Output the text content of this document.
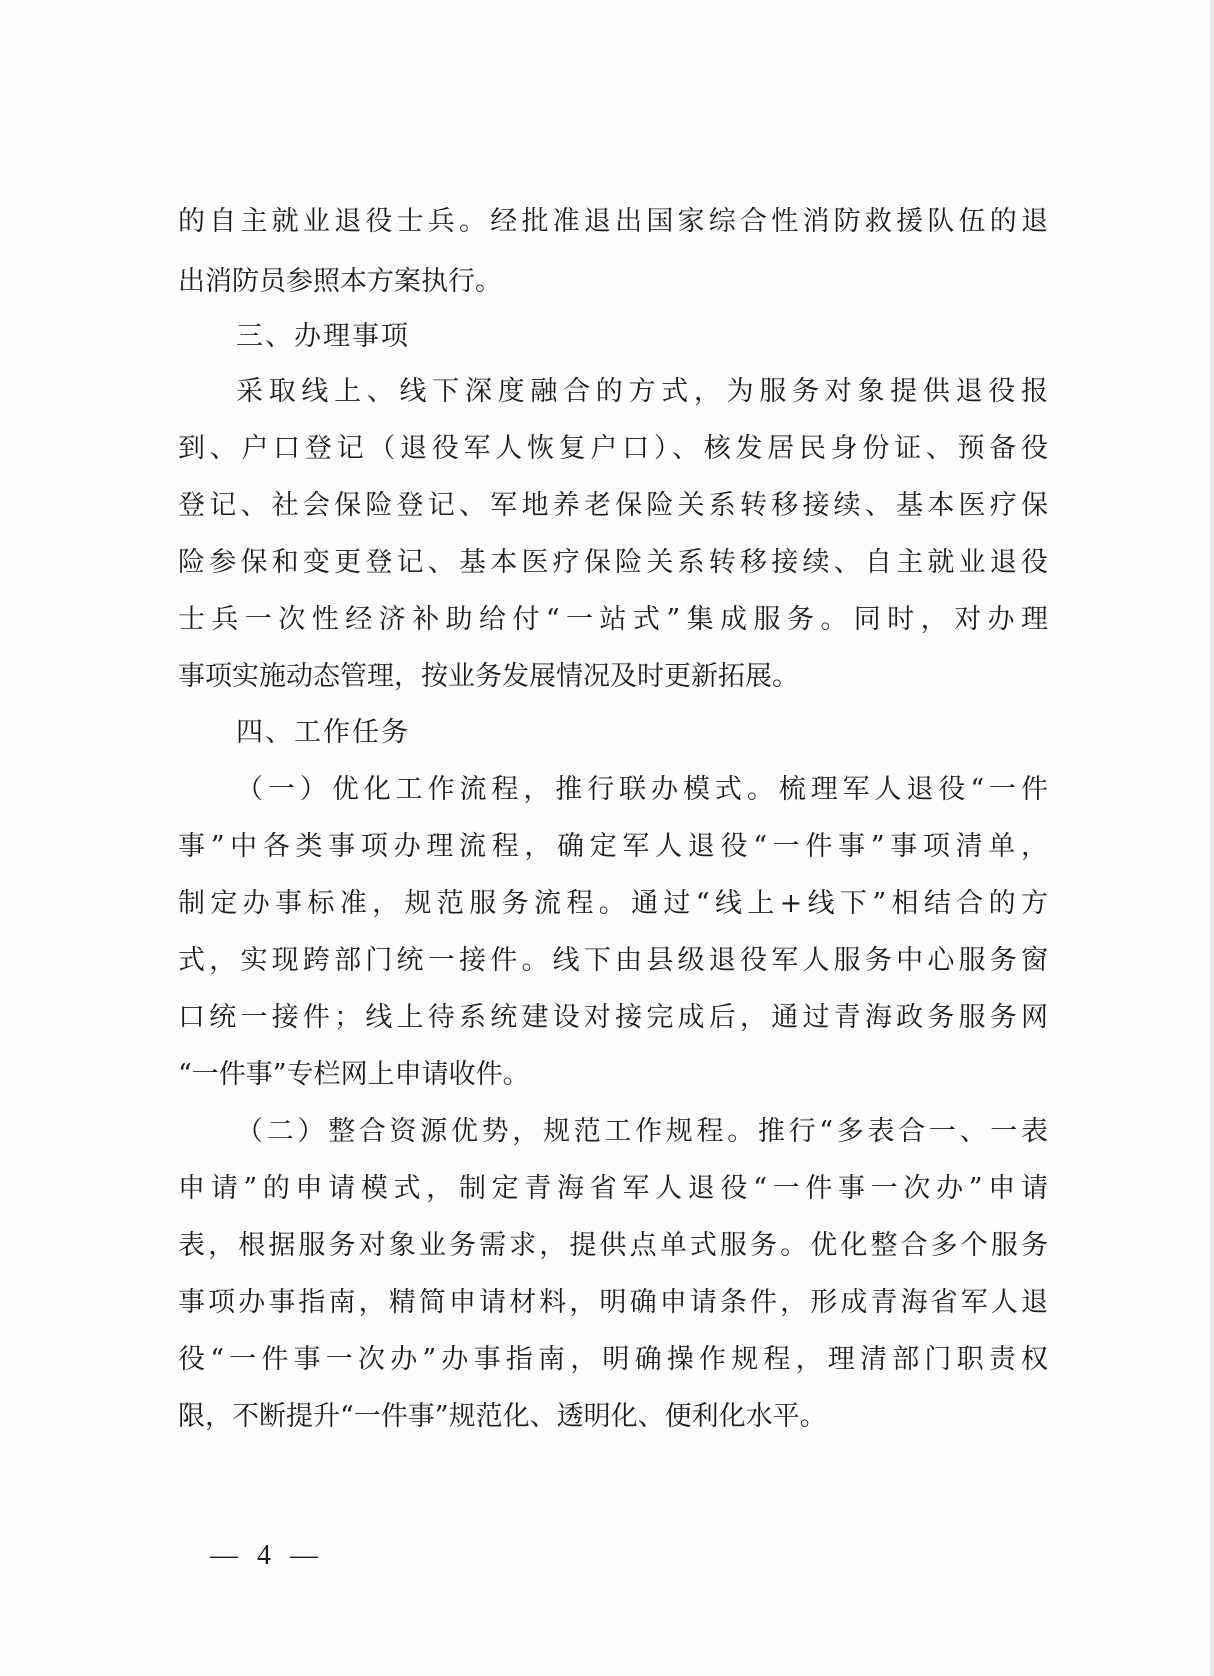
的自主就业退役士兵。经批准退出国家综合性消防救援队伍的退
出消防员参照本方案执行。
三、办理事项
采取线上、线下深度融合的方式，为服务对象提供退役报
到、户口登记（退役军人恢复户口）、核发居民身份证、预备役
登记、社会保险登记、军地养老保险关系转移接续、基本医疗保
险参保和变更登记、基本医疗保险关系转移接续、自主就业退役
士兵一次性经济补助给付“一站式”集成服务。同时，对办理
事项实施动态管理，按业务发展情况及时更新拓展。
四、工作任务
（一）优化工作流程，推行联办模式。梳理军人退役“一件
事”中各类事项办理流程，确定军人退役“一件事”事项清单，
制定办事标准，规范服务流程。通过“线上+线下”相结合的方
式，实现跨部门统一接件。线下由县级退役军人服务中心服务窗
口统一接件；线上待系统建设对接完成后，通过青海政务服务网
“一件事”专栏网上申请收件。
（二）整合资源优势，规范工作规程。推行“多表合一、一表
申请”的申请模式，制定青海省军人退役“一件事一次办”申请
表，根据服务对象业务需求，提供点单式服务。优化整合多个服务
事项办事指南，精简申请材料，明确申请条件，形成青海省军人退
役“一件事一次办”办事指南，明确操作规程，理清部门职责权
限，不断提升“一件事”规范化、透明化、便利化水平。
— 4 —
